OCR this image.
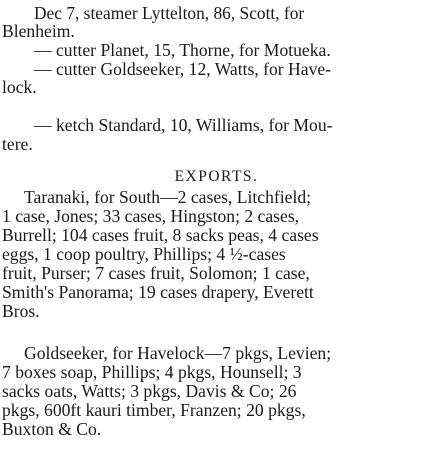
Dec 7, steamer Lyttelton, 86, Scott, for
Blenheim.
— cutter Planet, 15, Thorne, for Motueka.
— cutter Goldseeker, 12, Watts, for Have-
lock.
— ketch Standard, 10, Williams, for Mou-
tere.
EXPORTS.
Taranaki, for South—2 cases, Litchfield;
1 case, Jones; 33 cases, Hingston; 2 cases,
Burrell; 104 cases fruit, 8 sacks peas, 4 cases
eggs, 1 coop poultry, Phillips; 4 ½-cases
fruit, Purser; 7 cases fruit, Solomon; 1 case,
Smith's Panorama; 19 cases drapery, Everett
Bros.
Goldseeker, for Havelock—7 pkgs, Levien;
7 boxes soap, Phillips; 4 pkgs, Hounsell; 3
sacks oats, Watts; 3 pkgs, Davis & Co; 26
pkgs, 600ft kauri timber, Franzen; 20 pkgs,
Buxton & Co.
